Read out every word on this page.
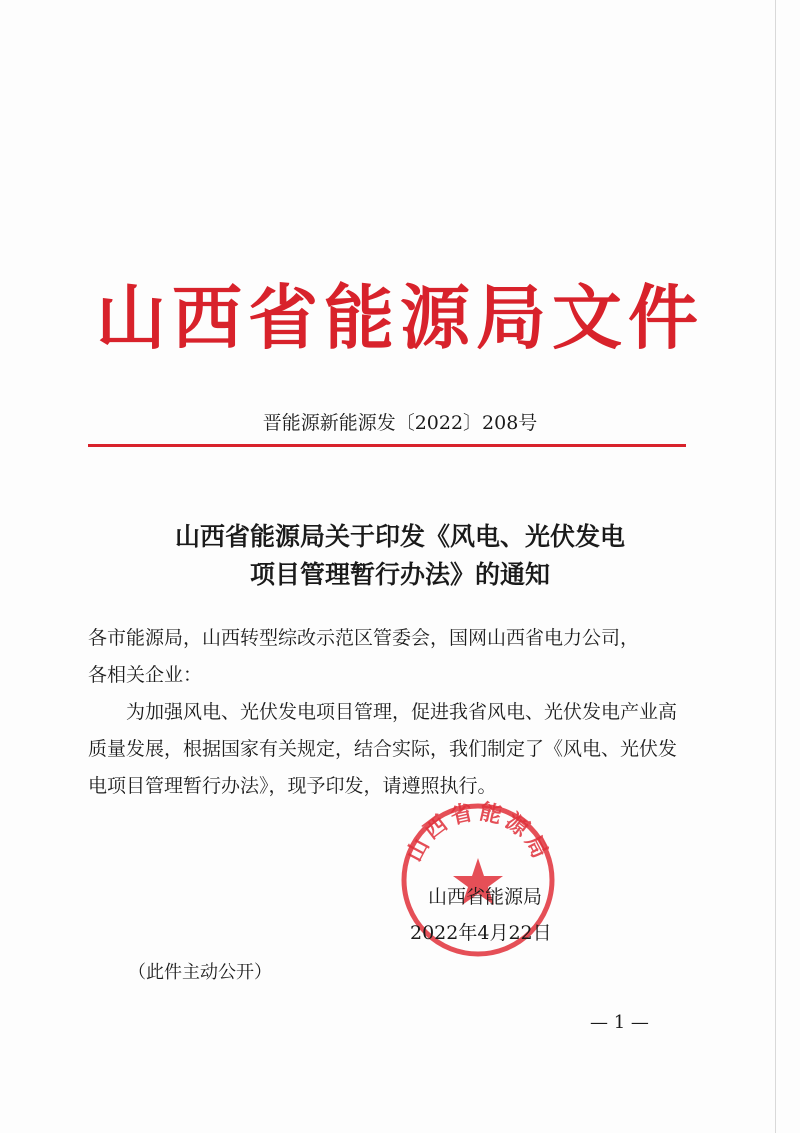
山西省能源局文件
晋能源新能源发〔2022〕208号
山西省能源局关于印发《风电、光伏发电
项目管理暂行办法》的通知
各市能源局，山西转型综改示范区管委会，国网山西省电力公司，
各相关企业：
为加强风电、光伏发电项目管理，促进我省风电、光伏发电产业高质量发展，根据国家有关规定，结合实际，我们制定了《风电、光伏发电项目管理暂行办法》，现予印发，请遵照执行。
山西省能源局
山西省能源局
2022年4月22日
（此件主动公开）
— 1 —
